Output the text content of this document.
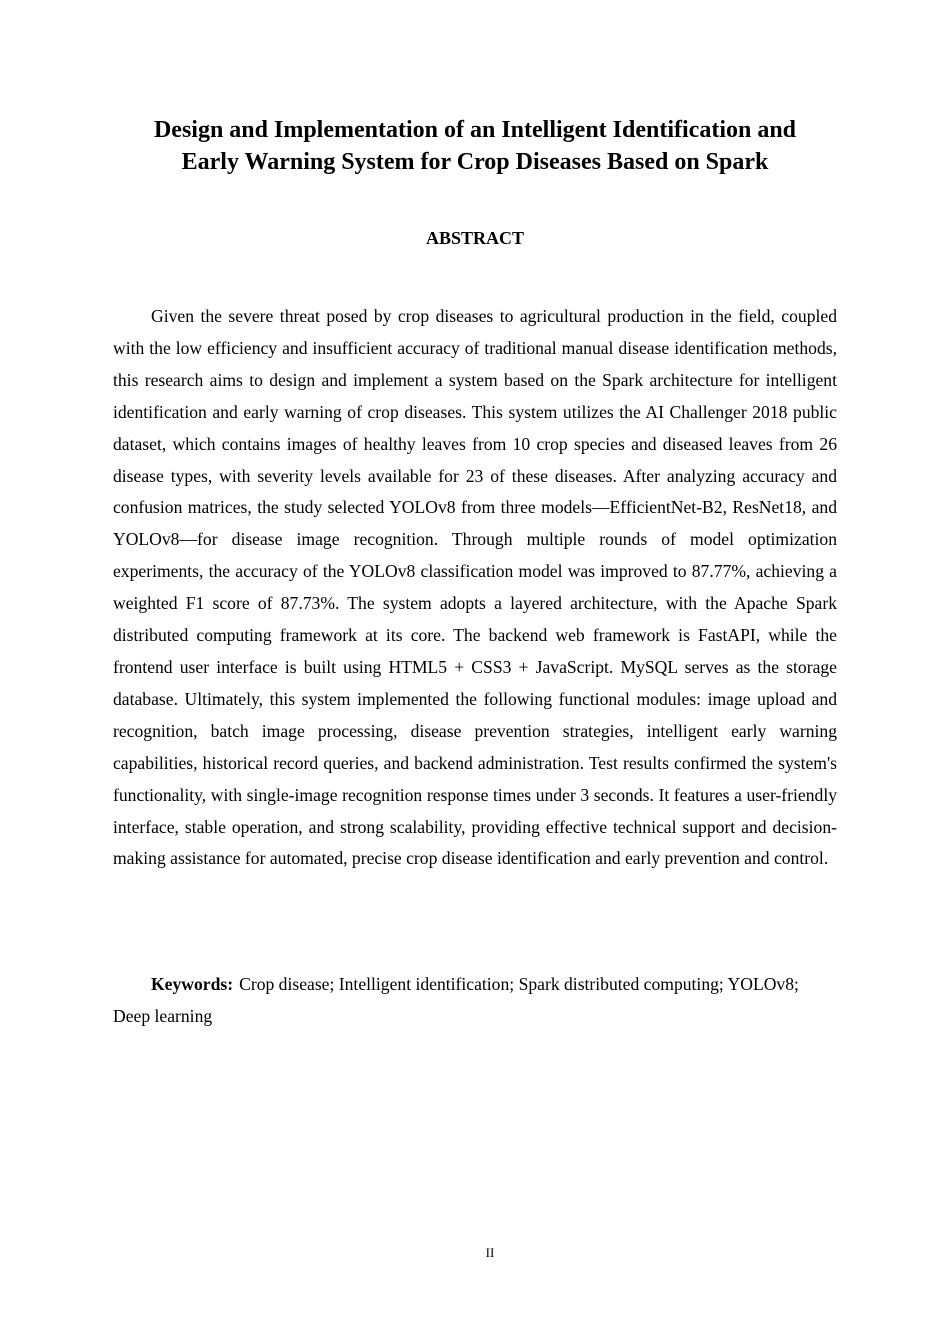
Design and Implementation of an Intelligent Identification and
Early Warning System for Crop Diseases Based on Spark
ABSTRACT

Given the severe threat posed by crop diseases to agricultural production in the field, coupled with the low efficiency and insufficient accuracy of traditional manual disease identification methods, this research aims to design and implement a system based on the Spark architecture for intelligent identification and early warning of crop diseases. This system utilizes the AI Challenger 2018 public dataset, which contains images of healthy leaves from 10 crop species and diseased leaves from 26 disease types, with severity levels available for 23 of these diseases. After analyzing accuracy and confusion matrices, the study selected YOLOv8 from three models—EfficientNet-B2, ResNet18, and YOLOv8—for disease image recognition. Through multiple rounds of model optimization experiments, the accuracy of the YOLOv8 classification model was improved to 87.77%, achieving a weighted F1 score of 87.73%. The system adopts a layered architecture, with the Apache Spark distributed computing framework at its core. The backend web framework is FastAPI, while the frontend user interface is built using HTML5 + CSS3 + JavaScript. MySQL serves as the storage database. Ultimately, this system implemented the following functional modules: image upload and recognition, batch image processing, disease prevention strategies, intelligent early warning capabilities, historical record queries, and backend administration. Test results confirmed the system's functionality, with single-image recognition response times under 3 seconds. It features a user-friendly interface, stable operation, and strong scalability, providing effective technical support and decision-making assistance for automated, precise crop disease identification and early prevention and control.

Keywords: Crop disease; Intelligent identification; Spark distributed computing; YOLOv8; Deep learning

II
